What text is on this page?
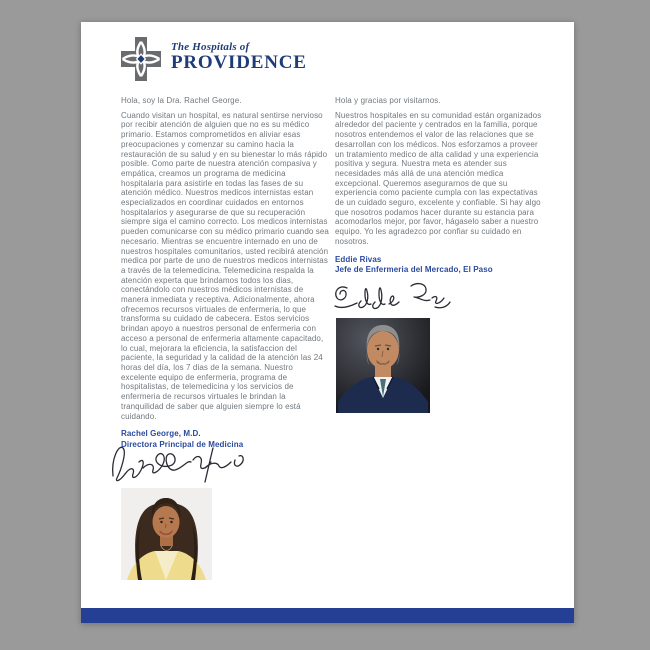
The Hospitals of
PROVIDENCE

Hola, soy la Dra. Rachel George.

Cuando visitan un hospital, es natural sentirse nervioso por recibir atención de alguien que no es su médico primario. Estamos comprometidos en aliviar esas preocupaciones y comenzar su camino hacia la restauración de su salud y en su bienestar lo más rápido posible. Como parte de nuestra atención compasiva y empática, creamos un programa de medicina hospitalaria para asistirle en todas las fases de su atención médico. Nuestros medicos internistas estan especializados en coordinar cuidados en entornos hospitalarios y asegurarse de que su recuperación siempre siga el camino correcto. Los medicos internistas pueden comunicarse con su médico primario cuando sea necesario. Mientras se encuentre internado en uno de nuestros hospitales comunitarios, usted recibirá atención medica por parte de uno de nuestros medicos internistas a través de la telemedicina. Telemedicina respalda la atención experta que brindamos todos los dias, conectándolo con nuestros médicos internistas de manera inmediata y receptiva. Adicionalmente, ahora ofrecemos recursos virtuales de enfermeria, lo que transforma su cuidado de cabecera. Estos servicios brindan apoyo a nuestros personal de enfermeria con acceso a personal de enfermeria altamente capacitado, lo cual, mejorara la eficiencia, la satisfaccion del paciente, la seguridad y la calidad de la atención las 24 horas del día, los 7 dias de la semana. Nuestro excelente equipo de enfermeria, programa de hospitalistas, de telemedicina y los servicios de enfermeria de recursos virtuales le brindan la tranquilidad de saber que alguien siempre lo está cuidando.

Rachel George, M.D.

Directora Principal de Medicina

Hola y gracias por visitarnos.

Nuestros hospitales en su comunidad están organizados alrededor del paciente y centrados en la familia, porque nosotros entendemos el valor de las relaciones que se desarrollan con los médicos. Nos esforzamos a proveer un tratamiento medico de alta calidad y una experiencia positiva y segura. Nuestra meta es atender sus necesidades más allá de una atención medica excepcional. Queremos asegurarnos de que su experiencia como paciente cumpla con las expectativas de un cuidado seguro, excelente y confiable. Si hay algo que nosotros podamos hacer durante su estancia para acomodarlos mejor, por favor, hágaselo saber a nuestro equipo. Yo les agradezco por confiar su cuidado en nosotros.

Eddie Rivas

Jefe de Enfermeria del Mercado, El Paso
